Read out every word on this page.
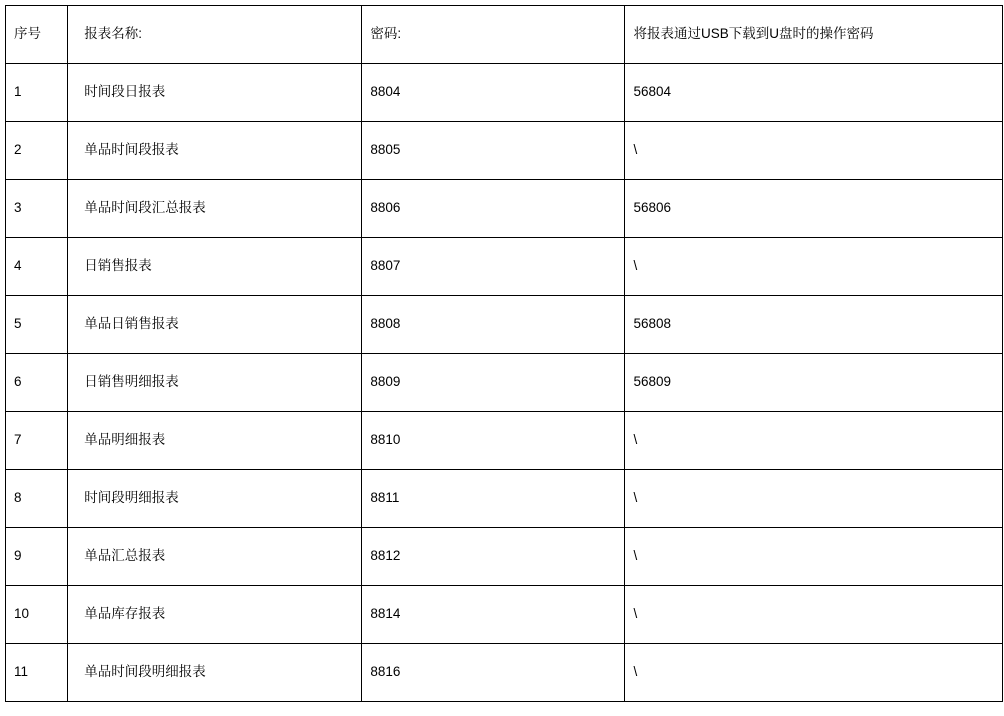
序号	报表名称:	密码:	将报表通过USB下载到U盘时的操作密码
1	时间段日报表	8804	56804
2	单品时间段报表	8805	\
3	单品时间段汇总报表	8806	56806
4	日销售报表	8807	\
5	单品日销售报表	8808	56808
6	日销售明细报表	8809	56809
7	单品明细报表	8810	\
8	时间段明细报表	8811	\
9	单品汇总报表	8812	\
10	单品库存报表	8814	\
11	单品时间段明细报表	8816	\
